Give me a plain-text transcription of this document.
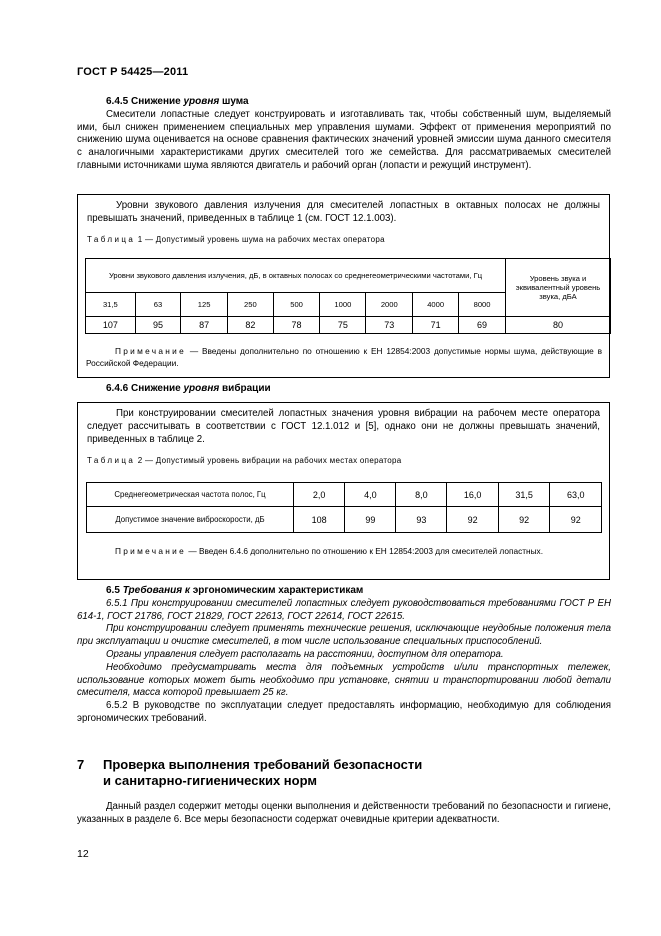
ГОСТ Р 54425—2011
6.4.5 Снижение уровня шума

Смесители лопастные следует конструировать и изготавливать так, чтобы собственный шум, выделяемый ими, был снижен применением специальных мер управления шумами. Эффект от применения мероприятий по снижению шума оценивается на основе сравнения фактических значений уровней эмиссии шума данного смесителя с аналогичными характеристиками других смесителей того же семейства. Для рассматриваемых смесителей главными источниками шума являются двигатель и рабочий орган (лопасти и режущий инструмент).

Уровни звукового давления излучения для смесителей лопастных в октавных полосах не должны превышать значений, приведенных в таблице 1 (см. ГОСТ 12.1.003).

Таблица 1 — Допустимый уровень шума на рабочих местах оператора
Уровни звукового давления излучения, дБ, в октавных полосах со среднегеометрическими частотами, Гц									Уровень звука и эквивалентный уровень звука, дБА
31,5	63	125	250	500	1000	2000	4000	8000	
107	95	87	82	78	75	73	71	69	80

Примечание — Введены дополнительно по отношению к ЕН 12854:2003 допустимые нормы шума, действующие в Российской Федерации.

6.4.6 Снижение уровня вибрации

При конструировании смесителей лопастных значения уровня вибрации на рабочем месте оператора следует рассчитывать в соответствии с ГОСТ 12.1.012 и [5], однако они не должны превышать значений, приведенных в таблице 2.

Таблица 2 — Допустимый уровень вибрации на рабочих местах оператора
Среднегеометрическая частота полос, Гц	2,0	4,0	8,0	16,0	31,5	63,0
Допустимое значение виброскорости, дБ	108	99	93	92	92	92

Примечание — Введен 6.4.6 дополнительно по отношению к ЕН 12854:2003 для смесителей лопастных.

6.5 Требования к эргономическим характеристикам

6.5.1 При конструировании смесителей лопастных следует руководствоваться требованиями ГОСТ Р ЕН 614-1, ГОСТ 21786, ГОСТ 21829, ГОСТ 22613, ГОСТ 22614, ГОСТ 22615.

При конструировании следует применять технические решения, исключающие неудобные положения тела при эксплуатации и очистке смесителей, в том числе использование специальных приспособлений.

Органы управления следует располагать на расстоянии, доступном для оператора.

Необходимо предусматривать места для подъемных устройств и/или транспортных тележек, использование которых может быть необходимо при установке, снятии и транспортировании любой детали смесителя, масса которой превышает 25 кг.

6.5.2 В руководстве по эксплуатации следует предоставлять информацию, необходимую для соблюдения эргономических требований.

7 Проверка выполнения требований безопасности
и санитарно-гигиенических норм

Данный раздел содержит методы оценки выполнения и действенности требований по безопасности и гигиене, указанных в разделе 6. Все меры безопасности содержат очевидные критерии адекватности.

12
